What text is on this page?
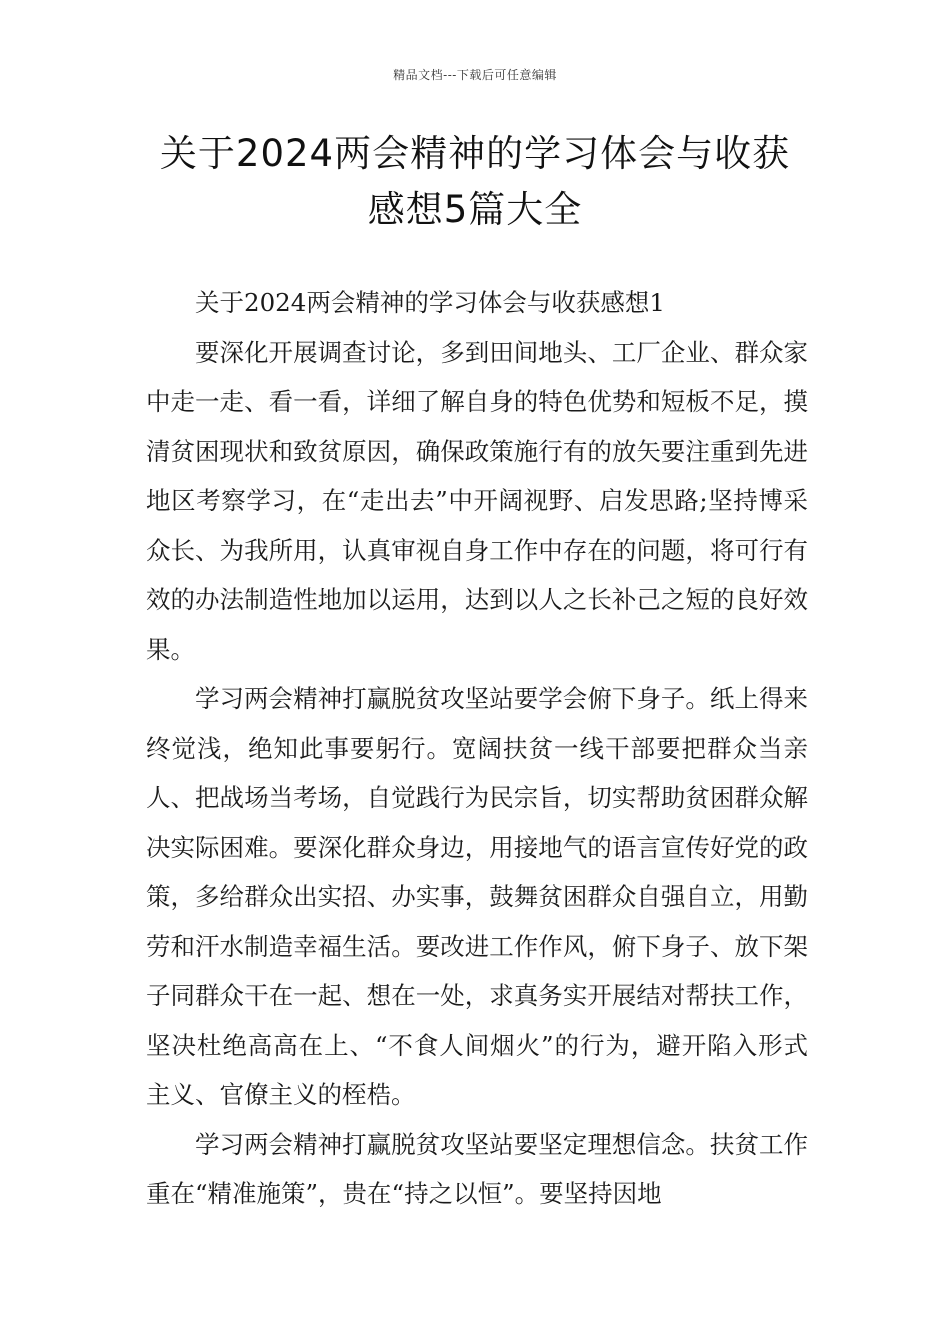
精品文档---下载后可任意编辑
关于2024两会精神的学习体会与收获
感想5篇大全

关于2024两会精神的学习体会与收获感想1

要深化开展调查讨论，多到田间地头、工厂企业、群众家中走一走、看一看，详细了解自身的特色优势和短板不足，摸清贫困现状和致贫原因，确保政策施行有的放矢要注重到先进地区考察学习，在“走出去”中开阔视野、启发思路;坚持博采众长、为我所用，认真审视自身工作中存在的问题，将可行有效的办法制造性地加以运用，达到以人之长补己之短的良好效果。

学习两会精神打赢脱贫攻坚站要学会俯下身子。纸上得来终觉浅，绝知此事要躬行。宽阔扶贫一线干部要把群众当亲人、把战场当考场，自觉践行为民宗旨，切实帮助贫困群众解决实际困难。要深化群众身边，用接地气的语言宣传好党的政策，多给群众出实招、办实事，鼓舞贫困群众自强自立，用勤劳和汗水制造幸福生活。要改进工作作风，俯下身子、放下架子同群众干在一起、想在一处，求真务实开展结对帮扶工作，坚决杜绝高高在上、“不食人间烟火”的行为，避开陷入形式主义、官僚主义的桎梏。

学习两会精神打赢脱贫攻坚站要坚定理想信念。扶贫工作重在“精准施策”，贵在“持之以恒”。要坚持因地
